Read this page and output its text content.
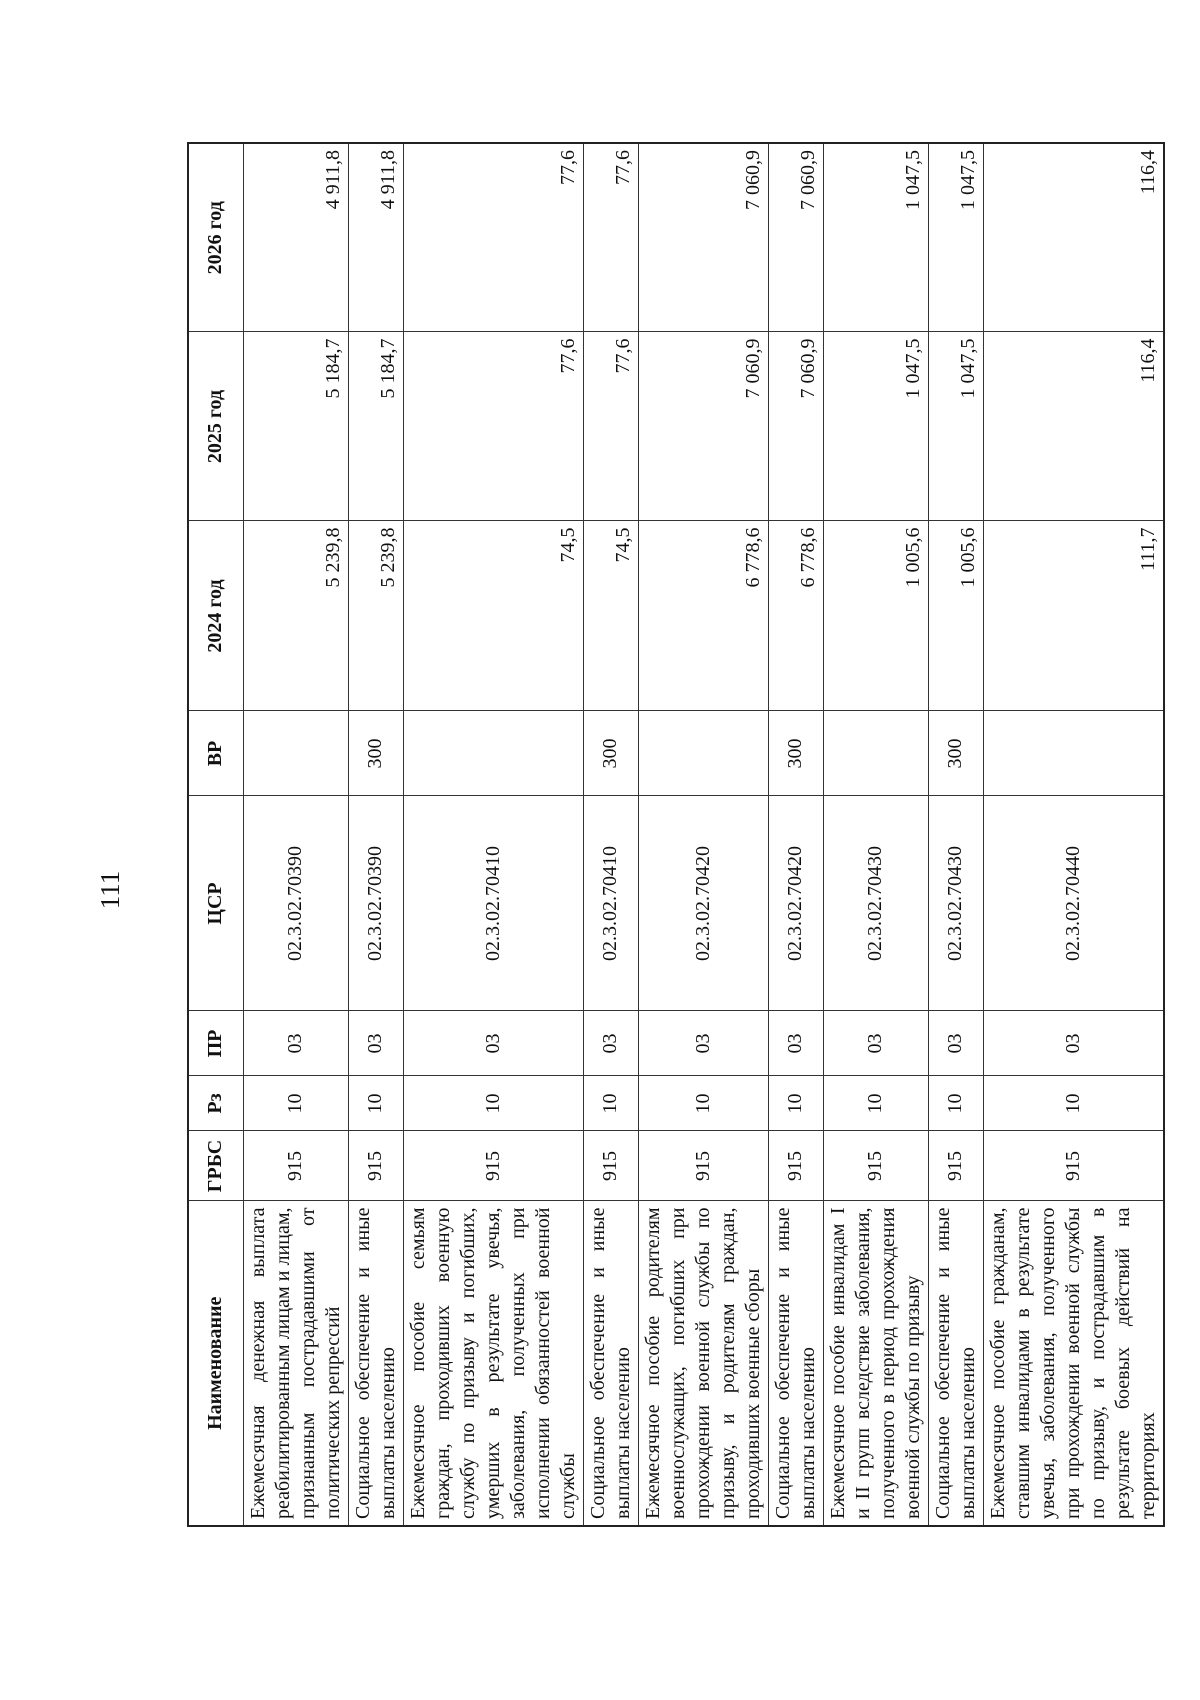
111
Наименование	ГРБС	Рз	ПР	ЦСР	ВР	2024 год	2025 год	2026 год
Ежемесячная денежная выплата реабилитированным лицам и лицам, признанным пострадавшими от политических репрессий	915	10	03	02.3.02.70390		5 239,8	5 184,7	4 911,8
Социальное обеспечение и иные выплаты населению	915	10	03	02.3.02.70390	300	5 239,8	5 184,7	4 911,8
Ежемесячное пособие семьям граждан, проходивших военную службу по призыву и погибших, умерших в результате увечья, заболевания, полученных при исполнении обязанностей военной службы	915	10	03	02.3.02.70410		74,5	77,6	77,6
Социальное обеспечение и иные выплаты населению	915	10	03	02.3.02.70410	300	74,5	77,6	77,6
Ежемесячное пособие родителям военнослужащих, погибших при прохождении военной службы по призыву, и родителям граждан, проходивших военные сборы	915	10	03	02.3.02.70420		6 778,6	7 060,9	7 060,9
Социальное обеспечение и иные выплаты населению	915	10	03	02.3.02.70420	300	6 778,6	7 060,9	7 060,9
Ежемесячное пособие инвалидам I и II групп вследствие заболевания, полученного в период прохождения военной службы по призыву	915	10	03	02.3.02.70430		1 005,6	1 047,5	1 047,5
Социальное обеспечение и иные выплаты населению	915	10	03	02.3.02.70430	300	1 005,6	1 047,5	1 047,5
Ежемесячное пособие гражданам, ставшим инвалидами в результате увечья, заболевания, полученного при прохождении военной службы по призыву, и пострадавшим в результате боевых действий на территориях	915	10	03	02.3.02.70440		111,7	116,4	116,4
